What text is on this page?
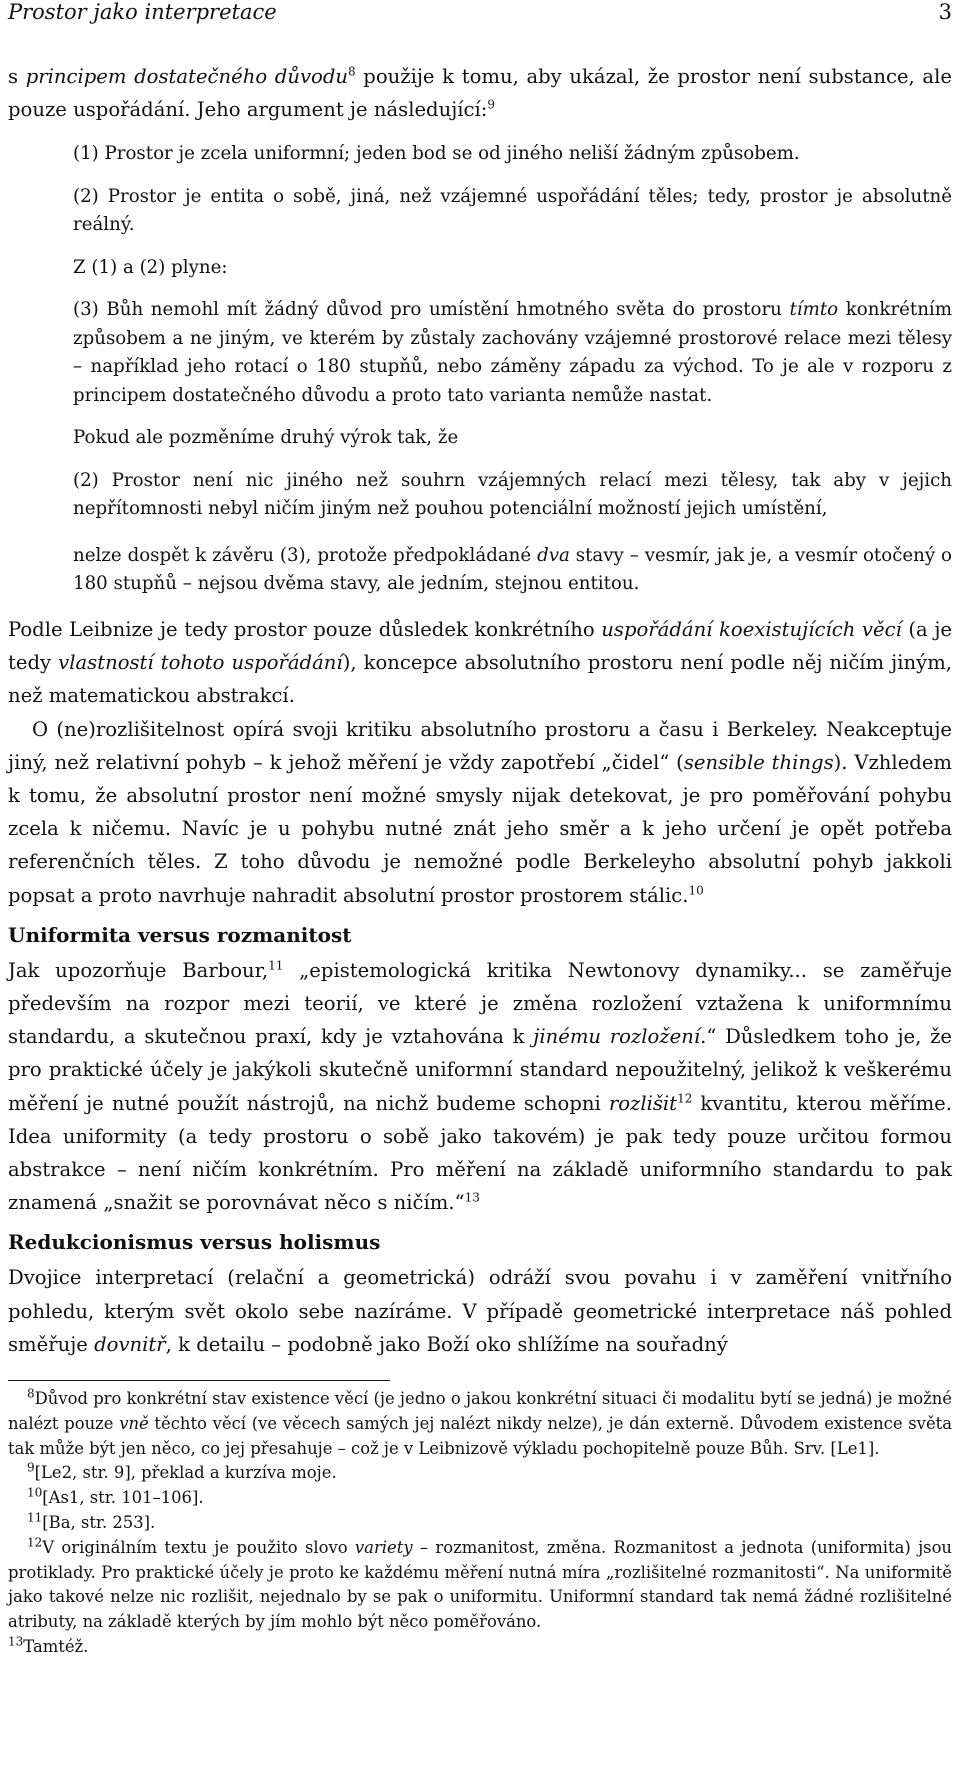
Prostor jako interpretace	3

s principem dostatečného důvodu$^8$ použije k tomu, aby ukázal, že prostor není substance, ale pouze uspořádání. Jeho argument je následující:$^9$

(1) Prostor je zcela uniformní; jeden bod se od jiného neliší žádným způsobem.

(2) Prostor je entita o sobě, jiná, než vzájemné uspořádání těles; tedy, prostor je absolutně reálný.

Z (1) a (2) plyne:

(3) Bůh nemohl mít žádný důvod pro umístění hmotného světa do prostoru tímto konkrétním způsobem a ne jiným, ve kterém by zůstaly zachovány vzájemné prostorové relace mezi tělesy – například jeho rotací o 180 stupňů, nebo záměny západu za východ. To je ale v rozporu z principem dostatečného důvodu a proto tato varianta nemůže nastat.

Pokud ale pozměníme druhý výrok tak, že

(2) Prostor není nic jiného než souhrn vzájemných relací mezi tělesy, tak aby v jejich nepřítomnosti nebyl ničím jiným než pouhou potenciální možností jejich umístění,

nelze dospět k závěru (3), protože předpokládané dva stavy – vesmír, jak je, a vesmír otočený o 180 stupňů – nejsou dvěma stavy, ale jedním, stejnou entitou.

Podle Leibnize je tedy prostor pouze důsledek konkrétního uspořádání koexistujících věcí (a je tedy vlastností tohoto uspořádání), koncepce absolutního prostoru není podle něj ničím jiným, než matematickou abstrakcí.

O (ne)rozlišitelnost opírá svoji kritiku absolutního prostoru a času i Berkeley. Neakceptuje jiný, než relativní pohyb – k jehož měření je vždy zapotřebí „čidel“ (sensible things). Vzhledem k tomu, že absolutní prostor není možné smysly nijak detekovat, je pro poměřování pohybu zcela k ničemu. Navíc je u pohybu nutné znát jeho směr a k jeho určení je opět potřeba referenčních těles. Z toho důvodu je nemožné podle Berkeleyho absolutní pohyb jakkoli popsat a proto navrhuje nahradit absolutní prostor prostorem stálic.$^{10}$

Uniformita versus rozmanitost

Jak upozorňuje Barbour,$^{11}$ „epistemologická kritika Newtonovy dynamiky... se zaměřuje především na rozpor mezi teorií, ve které je změna rozložení vztažena k uniformnímu standardu, a skutečnou praxí, kdy je vztahována k jinému rozložení.“ Důsledkem toho je, že pro praktické účely je jakýkoli skutečně uniformní standard nepoužitelný, jelikož k veškerému měření je nutné použít nástrojů, na nichž budeme schopni rozlišit$^{12}$ kvantitu, kterou měříme. Idea uniformity (a tedy prostoru o sobě jako takovém) je pak tedy pouze určitou formou abstrakce – není ničím konkrétním. Pro měření na základě uniformního standardu to pak znamená „snažit se porovnávat něco s ničím.“$^{13}$

Redukcionismus versus holismus

Dvojice interpretací (relační a geometrická) odráží svou povahu i v zaměření vnitřního pohledu, kterým svět okolo sebe nazíráme. V případě geometrické interpretace náš pohled směřuje dovnitř, k detailu – podobně jako Boží oko shlížíme na souřadný

$^8$Důvod pro konkrétní stav existence věcí (je jedno o jakou konkrétní situaci či modalitu bytí se jedná) je možné nalézt pouze vně těchto věcí (ve věcech samých jej nalézt nikdy nelze), je dán externě. Důvodem existence světa tak může být jen něco, co jej přesahuje – což je v Leibnizově výkladu pochopitelně pouze Bůh. Srv. [Le1].

$^9$[Le2, str. 9], překlad a kurzíva moje.

$^{10}$[As1, str. 101–106].

$^{11}$[Ba, str. 253].

$^{12}$V originálním textu je použito slovo variety – rozmanitost, změna. Rozmanitost a jednota (uniformita) jsou protiklady. Pro praktické účely je proto ke každému měření nutná míra „rozlišitelné rozmanitosti“. Na uniformitě jako takové nelze nic rozlišit, nejednalo by se pak o uniformitu. Uniformní standard tak nemá žádné rozlišitelné atributy, na základě kterých by jím mohlo být něco poměřováno.

$^{13}$Tamtéž.
